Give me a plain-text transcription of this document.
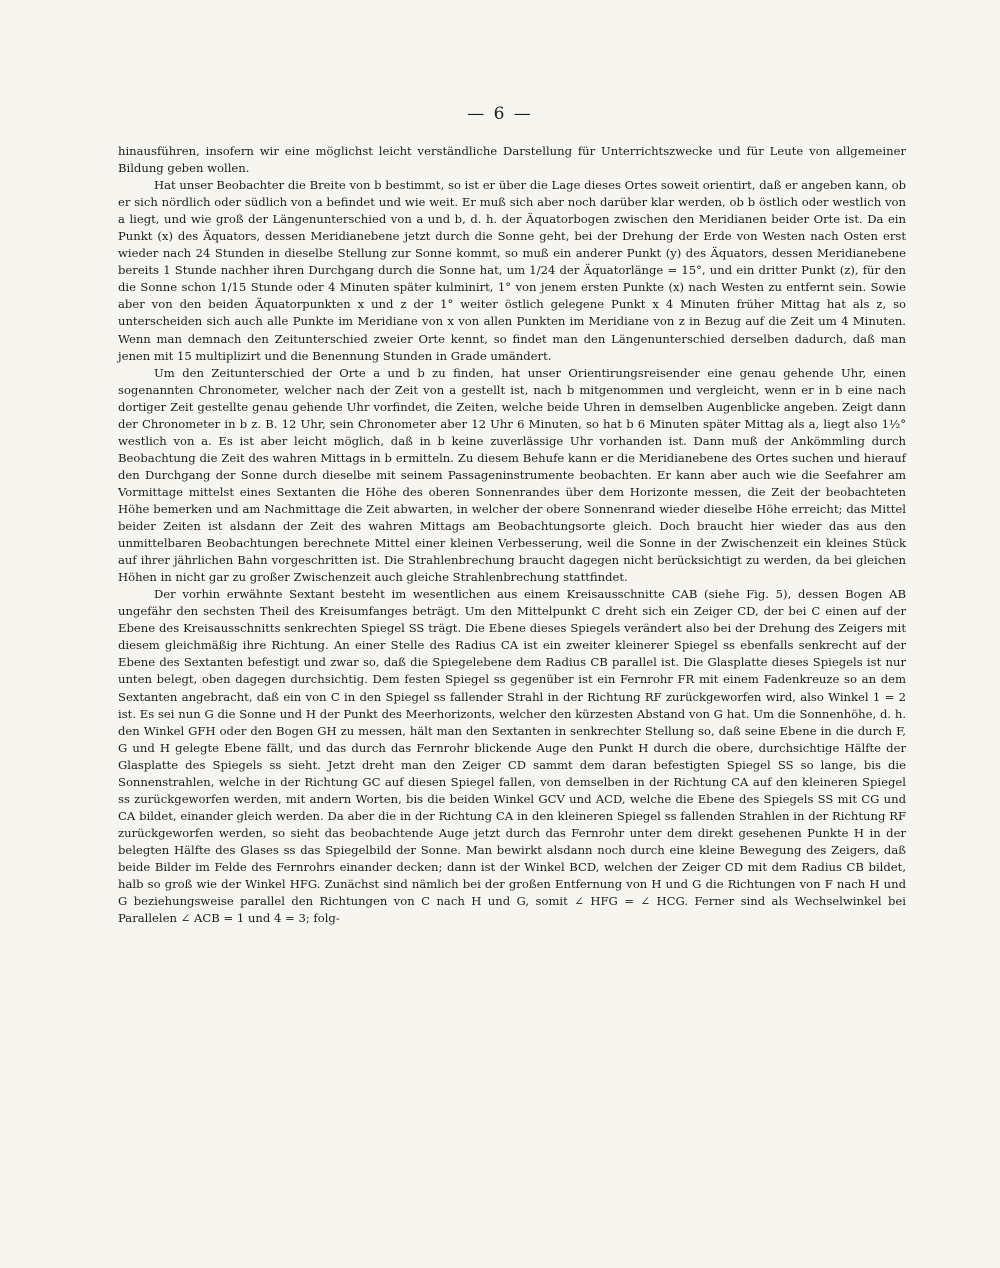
— 6 —

hinausführen, insofern wir eine möglichst leicht verständliche Darstellung für Unterrichtszwecke und für Leute von allgemeiner Bildung geben wollen.

Hat unser Beobachter die Breite von b bestimmt, so ist er über die Lage dieses Ortes soweit orientirt, daß er angeben kann, ob er sich nördlich oder südlich von a befindet und wie weit. Er muß sich aber noch darüber klar werden, ob b östlich oder westlich von a liegt, und wie groß der Längenunterschied von a und b, d. h. der Äquatorbogen zwischen den Meridianen beider Orte ist. Da ein Punkt (x) des Äquators, dessen Meridianebene jetzt durch die Sonne geht, bei der Drehung der Erde von Westen nach Osten erst wieder nach 24 Stunden in dieselbe Stellung zur Sonne kommt, so muß ein anderer Punkt (y) des Äquators, dessen Meridianebene bereits 1 Stunde nachher ihren Durchgang durch die Sonne hat, um 1/24 der Äquatorlänge = 15°, und ein dritter Punkt (z), für den die Sonne schon 1/15 Stunde oder 4 Minuten später kulminirt, 1° von jenem ersten Punkte (x) nach Westen zu entfernt sein. Sowie aber von den beiden Äquatorpunkten x und z der 1° weiter östlich gelegene Punkt x 4 Minuten früher Mittag hat als z, so unterscheiden sich auch alle Punkte im Meridiane von x von allen Punkten im Meridiane von z in Bezug auf die Zeit um 4 Minuten. Wenn man demnach den Zeitunterschied zweier Orte kennt, so findet man den Längenunterschied derselben dadurch, daß man jenen mit 15 multiplizirt und die Benennung Stunden in Grade umändert.

Um den Zeitunterschied der Orte a und b zu finden, hat unser Orientirungsreisender eine genau gehende Uhr, einen sogenannten Chronometer, welcher nach der Zeit von a gestellt ist, nach b mitgenommen und vergleicht, wenn er in b eine nach dortiger Zeit gestellte genau gehende Uhr vorfindet, die Zeiten, welche beide Uhren in demselben Augenblicke angeben. Zeigt dann der Chronometer in b z. B. 12 Uhr, sein Chronometer aber 12 Uhr 6 Minuten, so hat b 6 Minuten später Mittag als a, liegt also 1½° westlich von a. Es ist aber leicht möglich, daß in b keine zuverlässige Uhr vorhanden ist. Dann muß der Ankömmling durch Beobachtung die Zeit des wahren Mittags in b ermitteln. Zu diesem Behufe kann er die Meridianebene des Ortes suchen und hierauf den Durchgang der Sonne durch dieselbe mit seinem Passageninstrumente beobachten. Er kann aber auch wie die Seefahrer am Vormittage mittelst eines Sextanten die Höhe des oberen Sonnenrandes über dem Horizonte messen, die Zeit der beobachteten Höhe bemerken und am Nachmittage die Zeit abwarten, in welcher der obere Sonnenrand wieder dieselbe Höhe erreicht; das Mittel beider Zeiten ist alsdann der Zeit des wahren Mittags am Beobachtungsorte gleich. Doch braucht hier wieder das aus den unmittelbaren Beobachtungen berechnete Mittel einer kleinen Verbesserung, weil die Sonne in der Zwischenzeit ein kleines Stück auf ihrer jährlichen Bahn vorgeschritten ist. Die Strahlenbrechung braucht dagegen nicht berücksichtigt zu werden, da bei gleichen Höhen in nicht gar zu großer Zwischenzeit auch gleiche Strahlenbrechung stattfindet.

Der vorhin erwähnte Sextant besteht im wesentlichen aus einem Kreisausschnitte CAB (siehe Fig. 5), dessen Bogen AB ungefähr den sechsten Theil des Kreisumfanges beträgt. Um den Mittelpunkt C dreht sich ein Zeiger CD, der bei C einen auf der Ebene des Kreisausschnitts senkrechten Spiegel SS trägt. Die Ebene dieses Spiegels verändert also bei der Drehung des Zeigers mit diesem gleichmäßig ihre Richtung. An einer Stelle des Radius CA ist ein zweiter kleinerer Spiegel ss ebenfalls senkrecht auf der Ebene des Sextanten befestigt und zwar so, daß die Spiegelebene dem Radius CB parallel ist. Die Glasplatte dieses Spiegels ist nur unten belegt, oben dagegen durchsichtig. Dem festen Spiegel ss gegenüber ist ein Fernrohr FR mit einem Fadenkreuze so an dem Sextanten angebracht, daß ein von C in den Spiegel ss fallender Strahl in der Richtung RF zurückgeworfen wird, also Winkel 1 = 2 ist. Es sei nun G die Sonne und H der Punkt des Meerhorizonts, welcher den kürzesten Abstand von G hat. Um die Sonnenhöhe, d. h. den Winkel GFH oder den Bogen GH zu messen, hält man den Sextanten in senkrechter Stellung so, daß seine Ebene in die durch F, G und H gelegte Ebene fällt, und das durch das Fernrohr blickende Auge den Punkt H durch die obere, durchsichtige Hälfte der Glasplatte des Spiegels ss sieht. Jetzt dreht man den Zeiger CD sammt dem daran befestigten Spiegel SS so lange, bis die Sonnenstrahlen, welche in der Richtung GC auf diesen Spiegel fallen, von demselben in der Richtung CA auf den kleineren Spiegel ss zurückgeworfen werden, mit andern Worten, bis die beiden Winkel GCV und ACD, welche die Ebene des Spiegels SS mit CG und CA bildet, einander gleich werden. Da aber die in der Richtung CA in den kleineren Spiegel ss fallenden Strahlen in der Richtung RF zurückgeworfen werden, so sieht das beobachtende Auge jetzt durch das Fernrohr unter dem direkt gesehenen Punkte H in der belegten Hälfte des Glases ss das Spiegelbild der Sonne. Man bewirkt alsdann noch durch eine kleine Bewegung des Zeigers, daß beide Bilder im Felde des Fernrohrs einander decken; dann ist der Winkel BCD, welchen der Zeiger CD mit dem Radius CB bildet, halb so groß wie der Winkel HFG. Zunächst sind nämlich bei der großen Entfernung von H und G die Richtungen von F nach H und G beziehungsweise parallel den Richtungen von C nach H und G, somit ∠ HFG = ∠ HCG. Ferner sind als Wechselwinkel bei Parallelen ∠ ACB = 1 und 4 = 3; folg-
